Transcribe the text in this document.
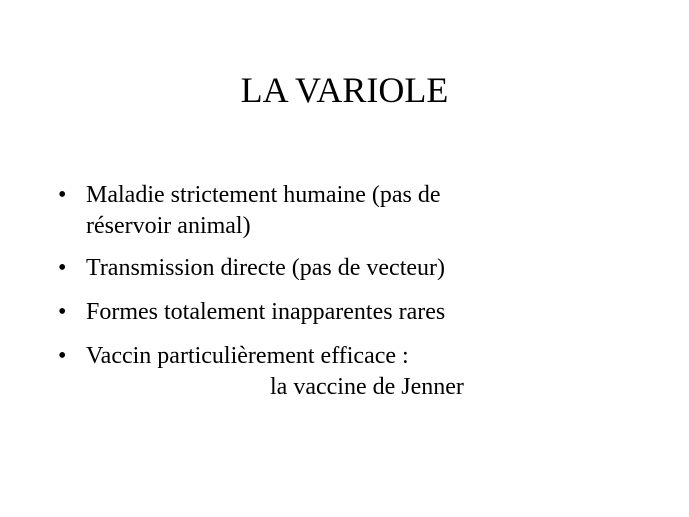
LA VARIOLE
• Maladie strictement humaine (pas de
réservoir animal)
• Transmission directe (pas de vecteur)
• Formes totalement inapparentes rares
• Vaccin particulièrement efficace :
la vaccine de Jenner
